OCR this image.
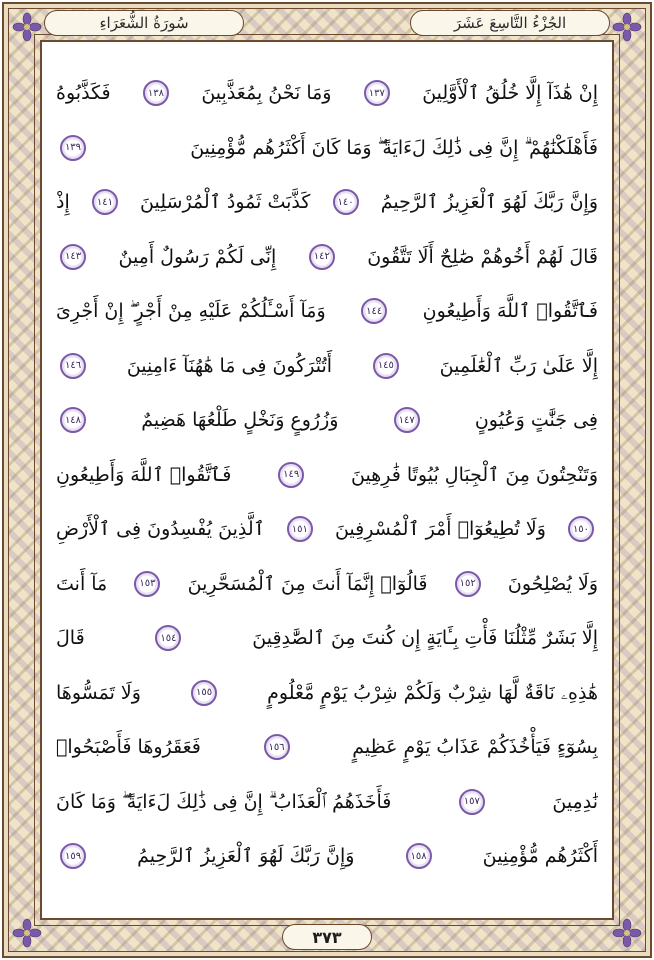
الجُزْءُ التَّاسِعَ عَشَرَ
سُورَةُ الشُّعَرَاءِ
إِنْ هَٰذَآ إِلَّا خُلُقُ ٱلْأَوَّلِينَ
١٣٧
وَمَا نَحْنُ بِمُعَذَّبِينَ
١٣٨
فَكَذَّبُوهُ
فَأَهْلَكْنَٰهُمْ ۗ إِنَّ فِى ذَٰلِكَ لَءَايَةً ۖ وَمَا كَانَ أَكْثَرُهُم مُّؤْمِنِينَ
١٣٩
وَإِنَّ رَبَّكَ لَهُوَ ٱلْعَزِيزُ ٱلرَّحِيمُ
١٤٠
كَذَّبَتْ ثَمُودُ ٱلْمُرْسَلِينَ
١٤١
إِذْ
قَالَ لَهُمْ أَخُوهُمْ صَٰلِحٌ أَلَا تَتَّقُونَ
١٤٢
إِنِّى لَكُمْ رَسُولٌ أَمِينٌ
١٤٣
فَٱتَّقُوا۟ ٱللَّهَ وَأَطِيعُونِ
١٤٤
وَمَآ أَسْـَٔلُكُمْ عَلَيْهِ مِنْ أَجْرٍ ۖ إِنْ أَجْرِىَ
إِلَّا عَلَىٰ رَبِّ ٱلْعَٰلَمِينَ
١٤٥
أَتُتْرَكُونَ فِى مَا هَٰهُنَآ ءَامِنِينَ
١٤٦
فِى جَنَّٰتٍ وَعُيُونٍ
١٤٧
وَزُرُوعٍ وَنَخْلٍ طَلْعُهَا هَضِيمٌ
١٤٨
وَتَنْحِتُونَ مِنَ ٱلْجِبَالِ بُيُوتًا فَٰرِهِينَ
١٤٩
فَٱتَّقُوا۟ ٱللَّهَ وَأَطِيعُونِ
١٥٠
وَلَا تُطِيعُوٓا۟ أَمْرَ ٱلْمُسْرِفِينَ
١٥١
ٱلَّذِينَ يُفْسِدُونَ فِى ٱلْأَرْضِ
وَلَا يُصْلِحُونَ
١٥٢
قَالُوٓا۟ إِنَّمَآ أَنتَ مِنَ ٱلْمُسَحَّرِينَ
١٥٣
مَآ أَنتَ
إِلَّا بَشَرٌ مِّثْلُنَا فَأْتِ بِـَٔايَةٍ إِن كُنتَ مِنَ ٱلصَّٰدِقِينَ
١٥٤
قَالَ
هَٰذِهِۦ نَاقَةٌ لَّهَا شِرْبٌ وَلَكُمْ شِرْبُ يَوْمٍ مَّعْلُومٍ
١٥٥
وَلَا تَمَسُّوهَا
بِسُوٓءٍ فَيَأْخُذَكُمْ عَذَابُ يَوْمٍ عَظِيمٍ
١٥٦
فَعَقَرُوهَا فَأَصْبَحُوا۟
نَٰدِمِينَ
١٥٧
فَأَخَذَهُمُ ٱلْعَذَابُ ۗ إِنَّ فِى ذَٰلِكَ لَءَايَةً ۖ وَمَا كَانَ
أَكْثَرُهُم مُّؤْمِنِينَ
١٥٨
وَإِنَّ رَبَّكَ لَهُوَ ٱلْعَزِيزُ ٱلرَّحِيمُ
١٥٩
٣٧٣
